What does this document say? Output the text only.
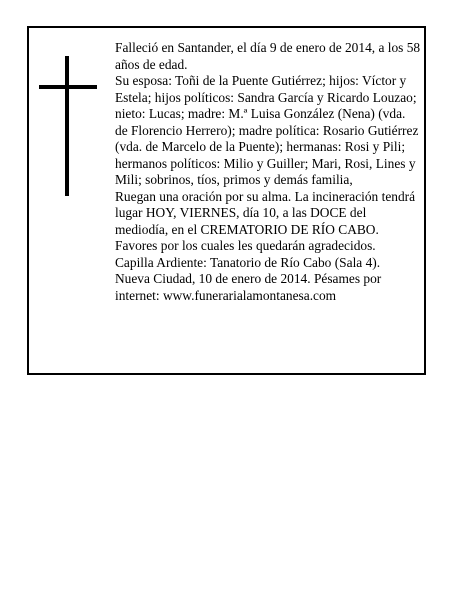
Falleció en Santander, el día 9 de enero de 2014, a los 58 años de edad.

Su esposa: Toñi de la Puente Gutiérrez; hijos: Víctor y Estela; hijos políticos: Sandra García y Ricardo Louzao; nieto: Lucas; madre: M.ª Luisa González (Nena) (vda. de Florencio Herrero); madre política: Rosario Gutiérrez (vda. de Marcelo de la Puente); hermanas: Rosi y Pili; hermanos políticos: Milio y Guiller; Mari, Rosi, Lines y Mili; sobrinos, tíos, primos y demás familia,

Ruegan una oración por su alma. La incineración tendrá lugar HOY, VIERNES, día 10, a las DOCE del mediodía, en el CREMATORIO DE RÍO CABO. Favores por los cuales les quedarán agradecidos.

Capilla Ardiente: Tanatorio de Río Cabo (Sala 4).

Nueva Ciudad, 10 de enero de 2014. Pésames por internet: www.funerarialamontanesa.com
